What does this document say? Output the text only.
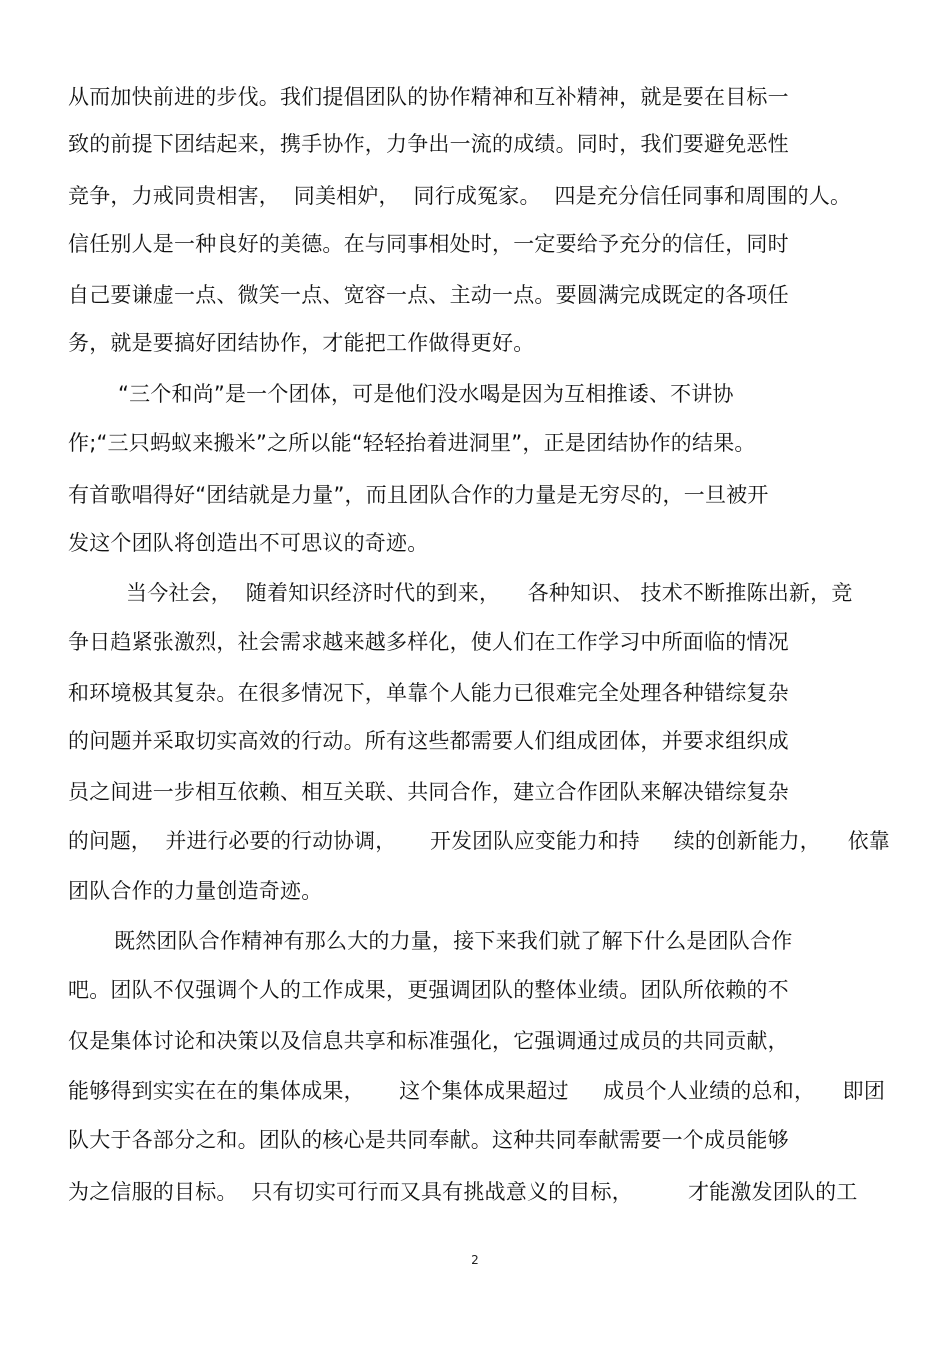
从而加快前进的步伐。我们提倡团队的协作精神和互补精神，就是要在目标一
致的前提下团结起来，携手协作，力争出一流的成绩。同时，我们要避免恶性
竞争，力戒同贵相害，  同美相妒，  同行成冤家。  四是充分信任同事和周围的人。
信任别人是一种良好的美德。在与同事相处时，一定要给予充分的信任，同时
自己要谦虚一点、微笑一点、宽容一点、主动一点。要圆满完成既定的各项任
务，就是要搞好团结协作，才能把工作做得更好。
“三个和尚”是一个团体，可是他们没水喝是因为互相推诿、不讲协
作;“三只蚂蚁来搬米”之所以能“轻轻抬着进洞里”，正是团结协作的结果。
有首歌唱得好“团结就是力量”，而且团队合作的力量是无穷尽的，一旦被开
发这个团队将创造出不可思议的奇迹。
当今社会，  随着知识经济时代的到来，    各种知识、 技术不断推陈出新，竞
争日趋紧张激烈，社会需求越来越多样化，使人们在工作学习中所面临的情况
和环境极其复杂。在很多情况下，单靠个人能力已很难完全处理各种错综复杂
的问题并采取切实高效的行动。所有这些都需要人们组成团体，并要求组织成
员之间进一步相互依赖、相互关联、共同合作，建立合作团队来解决错综复杂
的问题，  并进行必要的行动协调，     开发团队应变能力和持     续的创新能力，    依靠
团队合作的力量创造奇迹。
既然团队合作精神有那么大的力量，接下来我们就了解下什么是团队合作
吧。团队不仅强调个人的工作成果，更强调团队的整体业绩。团队所依赖的不
仅是集体讨论和决策以及信息共享和标准强化，它强调通过成员的共同贡献，
能够得到实实在在的集体成果，     这个集体成果超过     成员个人业绩的总和，    即团
队大于各部分之和。团队的核心是共同奉献。这种共同奉献需要一个成员能够
为之信服的目标。  只有切实可行而又具有挑战意义的目标，        才能激发团队的工
2
